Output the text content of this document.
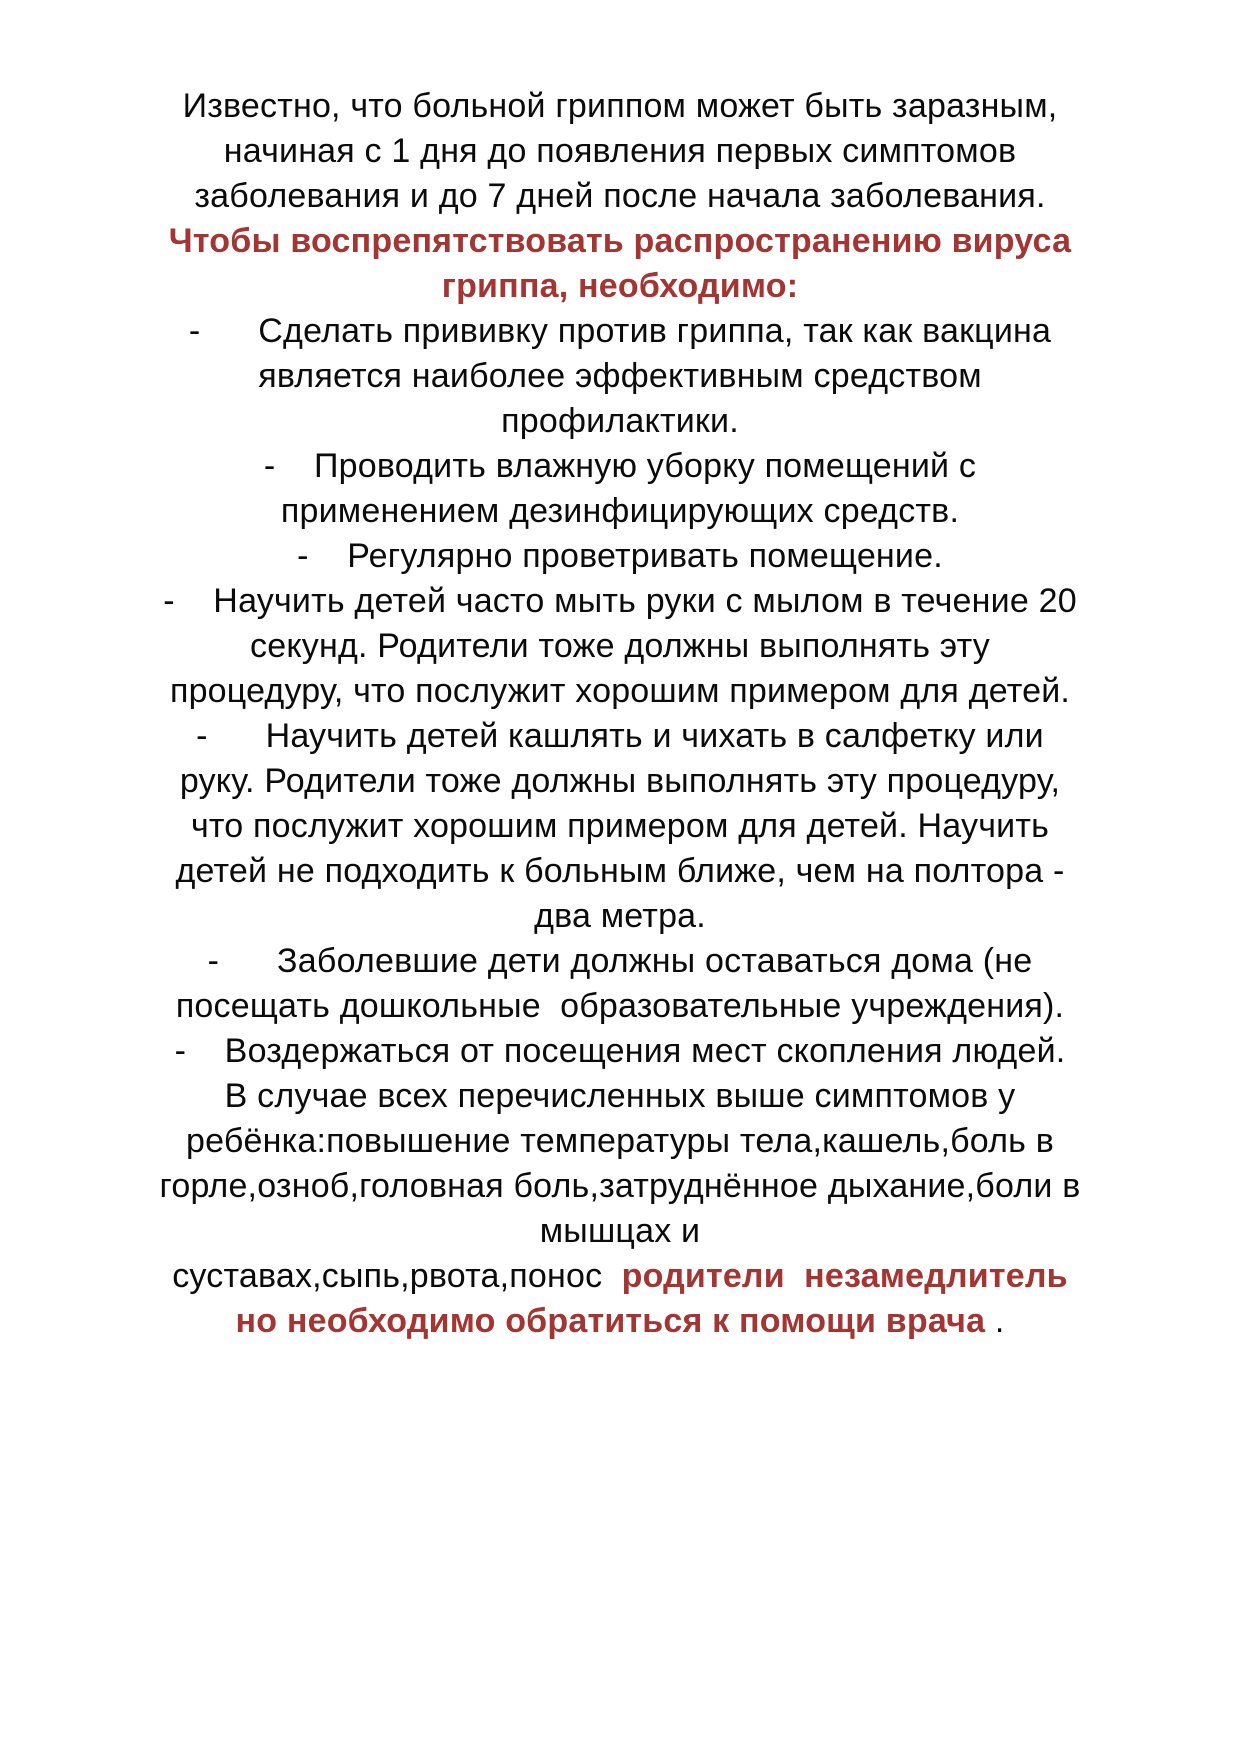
Известно, что больной гриппом может быть заразным,
начиная с 1 дня до появления первых симптомов
заболевания и до 7 дней после начала заболевания.
Чтобы воспрепятствовать распространению вируса
гриппа, необходимо:
-      Сделать прививку против гриппа, так как вакцина
является наиболее эффективным средством
профилактики.
-    Проводить влажную уборку помещений с
применением дезинфицирующих средств.
-    Регулярно проветривать помещение.
-    Научить детей часто мыть руки с мылом в течение 20
секунд. Родители тоже должны выполнять эту
процедуру, что послужит хорошим примером для детей.
-      Научить детей кашлять и чихать в салфетку или
руку. Родители тоже должны выполнять эту процедуру,
что послужит хорошим примером для детей. Научить
детей не подходить к больным ближе, чем на полтора -
два метра.
-      Заболевшие дети должны оставаться дома (не
посещать дошкольные  образовательные учреждения).
-    Воздержаться от посещения мест скопления людей.
В случае всех перечисленных выше симптомов у
ребёнка:повышение температуры тела,кашель,боль в
горле,озноб,головная боль,затруднённое дыхание,боли в
мышцах и
суставах,сыпь,рвота,понос  родители  незамедлитель
но необходимо обратиться к помощи врача .
